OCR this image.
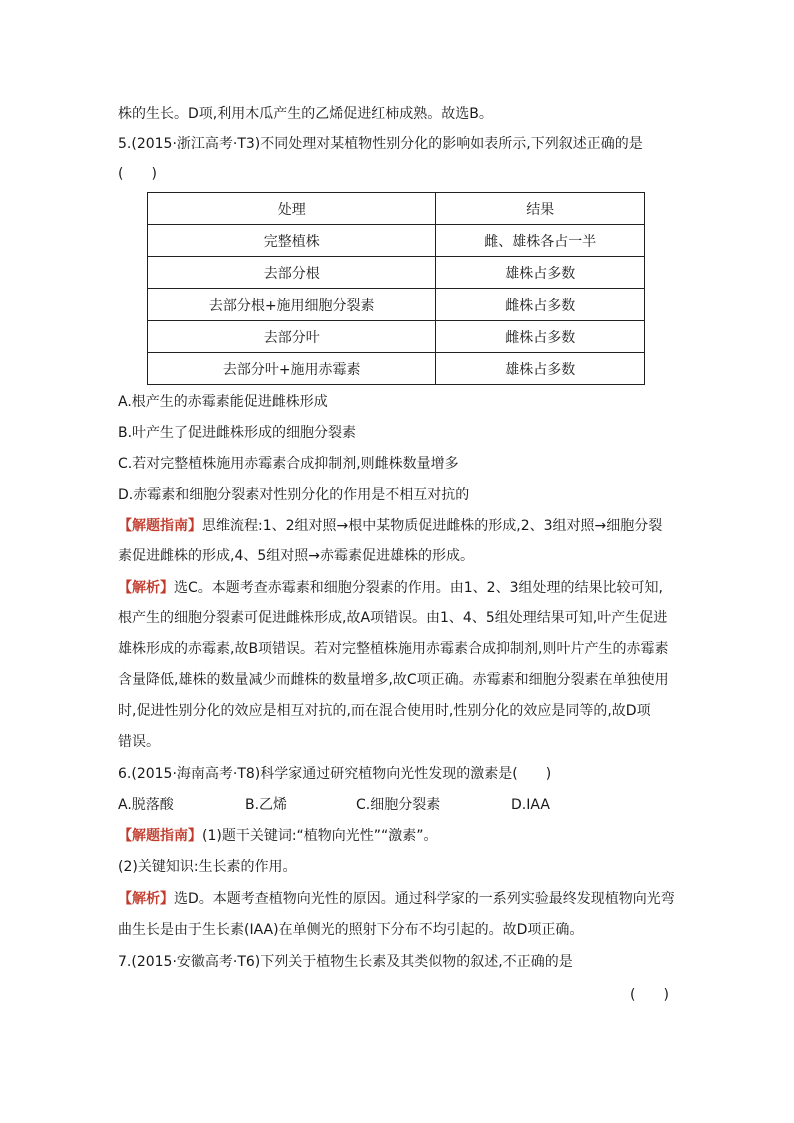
株的生长。D项,利用木瓜产生的乙烯促进红柿成熟。故选B。
5.(2015·浙江高考·T3)不同处理对某植物性别分化的影响如表所示,下列叙述正确的是
(　　)
处理	结果
完整植株	雌、雄株各占一半
去部分根	雄株占多数
去部分根+施用细胞分裂素	雌株占多数
去部分叶	雌株占多数
去部分叶+施用赤霉素	雄株占多数
A.根产生的赤霉素能促进雌株形成
B.叶产生了促进雌株形成的细胞分裂素
C.若对完整植株施用赤霉素合成抑制剂,则雌株数量增多
D.赤霉素和细胞分裂素对性别分化的作用是不相互对抗的
【解题指南】思维流程:1、2组对照→根中某物质促进雌株的形成,2、3组对照→细胞分裂
素促进雌株的形成,4、5组对照→赤霉素促进雄株的形成。
【解析】选C。本题考查赤霉素和细胞分裂素的作用。由1、2、3组处理的结果比较可知,
根产生的细胞分裂素可促进雌株形成,故A项错误。由1、4、5组处理结果可知,叶产生促进
雄株形成的赤霉素,故B项错误。若对完整植株施用赤霉素合成抑制剂,则叶片产生的赤霉素
含量降低,雄株的数量减少而雌株的数量增多,故C项正确。赤霉素和细胞分裂素在单独使用
时,促进性别分化的效应是相互对抗的,而在混合使用时,性别分化的效应是同等的,故D项
错误。
6.(2015·海南高考·T8)科学家通过研究植物向光性发现的激素是(　　)
A.脱落酸	B.乙烯	C.细胞分裂素	D.IAA
【解题指南】(1)题干关键词:“植物向光性”“激素”。
(2)关键知识:生长素的作用。
【解析】选D。本题考查植物向光性的原因。通过科学家的一系列实验最终发现植物向光弯
曲生长是由于生长素(IAA)在单侧光的照射下分布不均引起的。故D项正确。
7.(2015·安徽高考·T6)下列关于植物生长素及其类似物的叙述,不正确的是
(　　)
